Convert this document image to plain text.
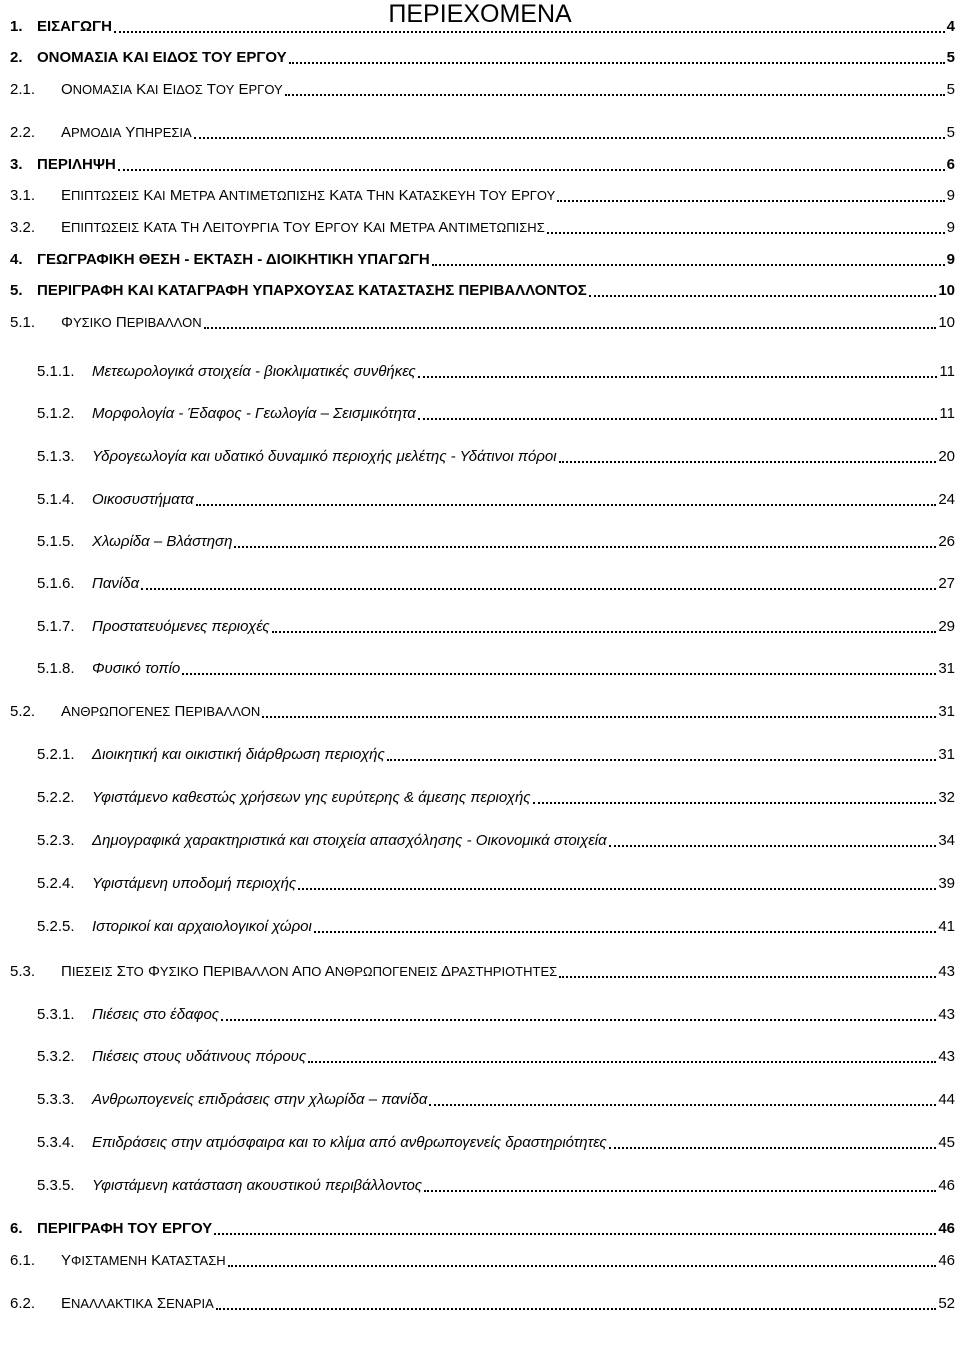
ΠΕΡΙΕΧΟΜΕΝΑ
1. ΕΙΣΑΓΩΓΗ	4
2. ΟΝΟΜΑΣΙΑ ΚΑΙ ΕΙΔΟΣ ΤΟΥ ΕΡΓΟΥ	5
2.1. ΟΝΟΜΑΣΙΑ ΚΑΙ ΕΙΔΟΣ ΤΟΥ ΕΡΓΟΥ	5
2.2. ΑΡΜΟΔΙΑ ΥΠΗΡΕΣΙΑ	5
3. ΠΕΡΙΛΗΨΗ	6
3.1. ΕΠΙΠΤΩΣΕΙΣ ΚΑΙ ΜΕΤΡΑ ΑΝΤΙΜΕΤΩΠΙΣΗΣ ΚΑΤΑ ΤΗΝ ΚΑΤΑΣΚΕΥΗ ΤΟΥ ΕΡΓΟΥ	9
3.2. ΕΠΙΠΤΩΣΕΙΣ ΚΑΤΑ ΤΗ ΛΕΙΤΟΥΡΓΙΑ ΤΟΥ ΕΡΓΟΥ ΚΑΙ ΜΕΤΡΑ ΑΝΤΙΜΕΤΩΠΙΣΗΣ	9
4. ΓΕΩΓΡΑΦΙΚΗ ΘΕΣΗ - ΕΚΤΑΣΗ - ΔΙΟΙΚΗΤΙΚΗ ΥΠΑΓΩΓΗ	9
5. ΠΕΡΙΓΡΑΦΗ ΚΑΙ ΚΑΤΑΓΡΑΦΗ ΥΠΑΡΧΟΥΣΑΣ ΚΑΤΑΣΤΑΣΗΣ ΠΕΡΙΒΑΛΛΟΝΤΟΣ	10
5.1. ΦΥΣΙΚΟ ΠΕΡΙΒΑΛΛΟΝ	10
5.1.1. Μετεωρολογικά στοιχεία - βιοκλιματικές συνθήκες	11
5.1.2. Μορφολογία - Έδαφος - Γεωλογία – Σεισμικότητα	11
5.1.3. Υδρογεωλογία και υδατικό δυναμικό περιοχής μελέτης - Υδάτινοι πόροι	20
5.1.4. Οικοσυστήματα	24
5.1.5. Χλωρίδα – Βλάστηση	26
5.1.6. Πανίδα	27
5.1.7. Προστατευόμενες περιοχές	29
5.1.8. Φυσικό τοπίο	31
5.2. ΑΝΘΡΩΠΟΓΕΝΕΣ ΠΕΡΙΒΑΛΛΟΝ	31
5.2.1. Διοικητική και οικιστική διάρθρωση περιοχής	31
5.2.2. Υφιστάμενο καθεστώς χρήσεων γης ευρύτερης & άμεσης περιοχής	32
5.2.3. Δημογραφικά χαρακτηριστικά και στοιχεία απασχόλησης - Οικονομικά στοιχεία	34
5.2.4. Υφιστάμενη υποδομή περιοχής	39
5.2.5. Ιστορικοί και αρχαιολογικοί χώροι	41
5.3. ΠΙΕΣΕΙΣ ΣΤΟ ΦΥΣΙΚΟ ΠΕΡΙΒΑΛΛΟΝ ΑΠΟ ΑΝΘΡΩΠΟΓΕΝΕΙΣ ΔΡΑΣΤΗΡΙΟΤΗΤΕΣ	43
5.3.1. Πιέσεις στο έδαφος	43
5.3.2. Πιέσεις στους υδάτινους πόρους	43
5.3.3. Ανθρωπογενείς επιδράσεις στην χλωρίδα – πανίδα	44
5.3.4. Επιδράσεις στην ατμόσφαιρα και το κλίμα από ανθρωπογενείς δραστηριότητες	45
5.3.5. Υφιστάμενη κατάσταση ακουστικού περιβάλλοντος	46
6. ΠΕΡΙΓΡΑΦΗ ΤΟΥ ΕΡΓΟΥ	46
6.1. ΥΦΙΣΤΑΜΕΝΗ ΚΑΤΑΣΤΑΣΗ	46
6.2. ΕΝΑΛΛΑΚΤΙΚΑ ΣΕΝΑΡΙΑ	52
